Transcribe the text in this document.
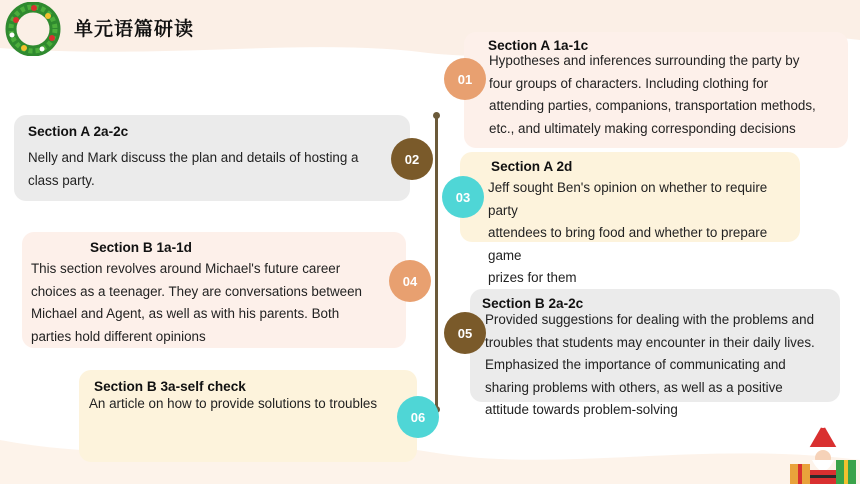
单元语篇研读
Section A 1a-1c
Hypotheses and inferences surrounding the party by
four groups of characters. Including clothing for
attending parties, companions, transportation methods,
etc., and ultimately making corresponding decisions
01
Section A 2a-2c
Nelly and Mark discuss the plan and details of hosting a
class party.
02	Section A 2d
Jeff sought Ben's opinion on whether to require party
attendees to bring food and whether to prepare game
prizes for them
03
Section B 1a-1d
This section revolves around Michael's future career
choices as a teenager. They are conversations between
Michael and Agent, as well as with his parents. Both
parties hold different opinions
04
Section B 2a-2c
Provided suggestions for dealing with the problems and
troubles that students may encounter in their daily lives.
Emphasized the importance of communicating and
sharing problems with others, as well as a positive
attitude towards problem-solving
05
Section B 3a-self check
An article on how to provide solutions to troubles
06
